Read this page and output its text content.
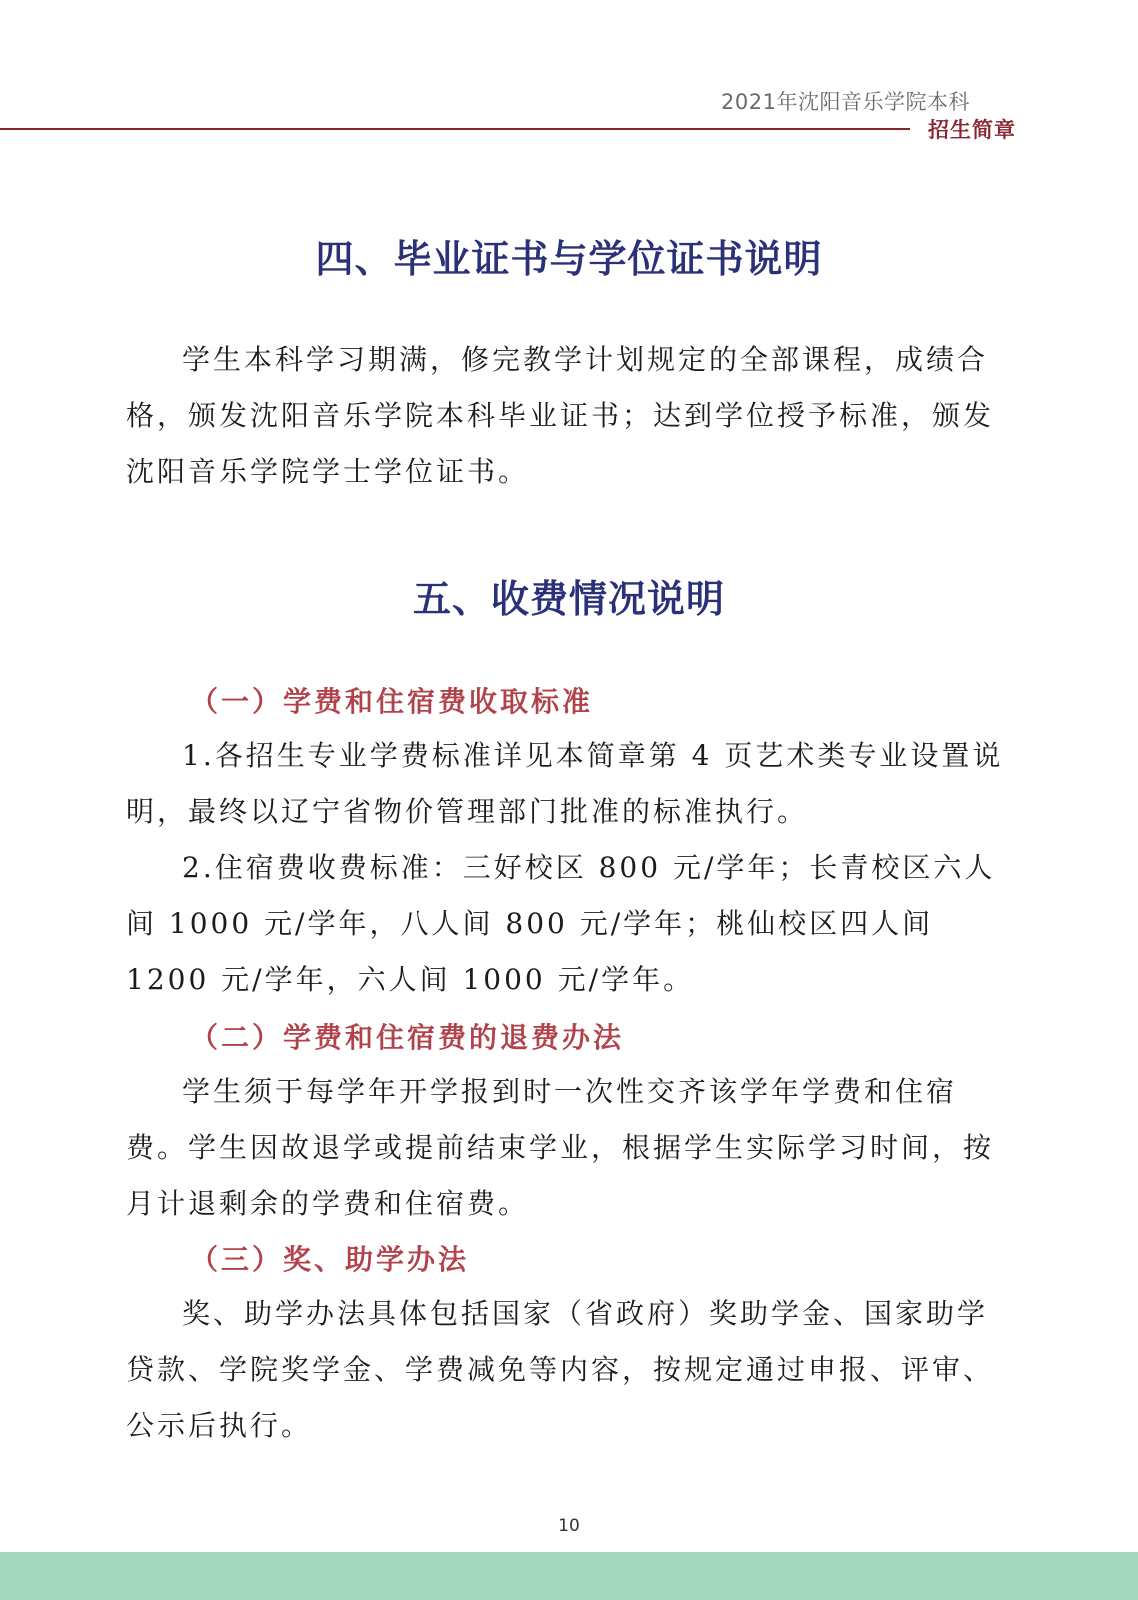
2021年沈阳音乐学院本科
招生简章
四、毕业证书与学位证书说明

学生本科学习期满，修完教学计划规定的全部课程，成绩合格，颁发沈阳音乐学院本科毕业证书；达到学位授予标准，颁发沈阳音乐学院学士学位证书。

五、收费情况说明
（一）学费和住宿费收取标准

1.各招生专业学费标准详见本简章第 4 页艺术类专业设置说明，最终以辽宁省物价管理部门批准的标准执行。

2.住宿费收费标准：三好校区 800 元/学年；长青校区六人间 1000 元/学年，八人间 800 元/学年；桃仙校区四人间 1200 元/学年，六人间 1000 元/学年。

（二）学费和住宿费的退费办法

学生须于每学年开学报到时一次性交齐该学年学费和住宿费。学生因故退学或提前结束学业，根据学生实际学习时间，按月计退剩余的学费和住宿费。

（三）奖、助学办法

奖、助学办法具体包括国家（省政府）奖助学金、国家助学贷款、学院奖学金、学费减免等内容，按规定通过申报、评审、公示后执行。

10
